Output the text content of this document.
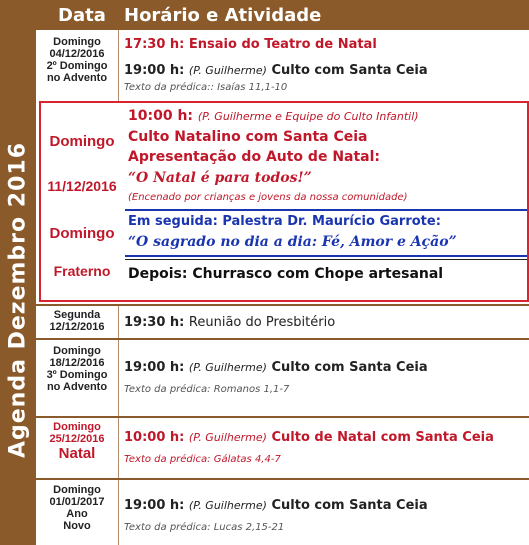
Agenda Dezembro 2016
Data Horário e Atividade
Domingo
04/12/2016
2º Domingo
no Advento
17:30 h: Ensaio do Teatro de Natal
19:00 h: (P. Guilherme) Culto com Santa Ceia
Texto da prédica:: Isaías 11,1-10
Domingo
11/12/2016
Domingo
Fraterno
10:00 h: (P. Guilherme e Equipe do Culto Infantil)
Culto Natalino com Santa Ceia
Apresentação do Auto de Natal:
“O Natal é para todos!”
(Encenado por crianças e jovens da nossa comunidade)
Em seguida: Palestra Dr. Maurício Garrote:
“O sagrado no dia a dia: Fé, Amor e Ação”
Depois: Churrasco com Chope artesanal
Segunda
12/12/2016	19:30 h: Reunião do Presbitério
Domingo
18/12/2016
3º Domingo
no Advento
19:00 h: (P. Guilherme) Culto com Santa Ceia
Texto da prédica: Romanos 1,1-7
Domingo
25/12/2016
Natal
10:00 h: (P. Guilherme) Culto de Natal com Santa Ceia
Texto da prédica: Gálatas 4,4-7
Domingo
01/01/2017
Ano
Novo
19:00 h: (P. Guilherme) Culto com Santa Ceia
Texto da prédica: Lucas 2,15-21
